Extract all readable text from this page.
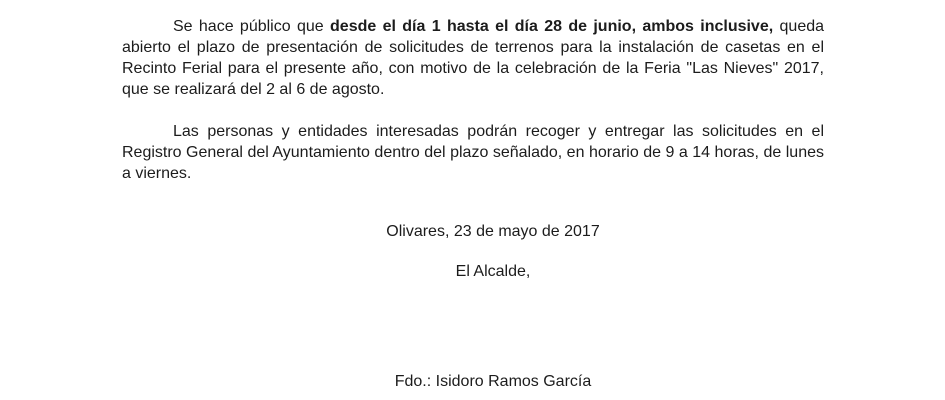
Se hace público que desde el día 1 hasta el día 28 de junio, ambos inclusive, queda abierto el plazo de presentación de solicitudes de terrenos para la instalación de casetas en el Recinto Ferial para el presente año, con motivo de la celebración de la Feria "Las Nieves" 2017, que se realizará del 2 al 6 de agosto.

Las personas y entidades interesadas podrán recoger y entregar las solicitudes en el Registro General del Ayuntamiento dentro del plazo señalado, en horario de 9 a 14 horas, de lunes a viernes.

Olivares, 23 de mayo de 2017

El Alcalde,

Fdo.: Isidoro Ramos García
